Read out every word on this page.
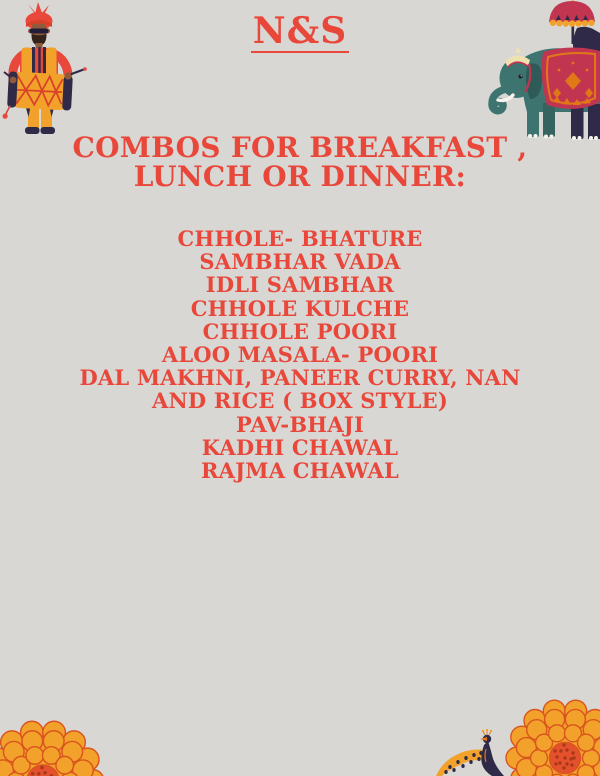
N&S
COMBOS FOR BREAKFAST ,
LUNCH OR DINNER:
CHHOLE- BHATURE
SAMBHAR VADA
IDLI SAMBHAR
CHHOLE KULCHE
CHHOLE POORI
ALOO MASALA- POORI
DAL MAKHNI, PANEER CURRY, NAN
AND RICE ( BOX STYLE)
PAV-BHAJI
KADHI CHAWAL
RAJMA CHAWAL
